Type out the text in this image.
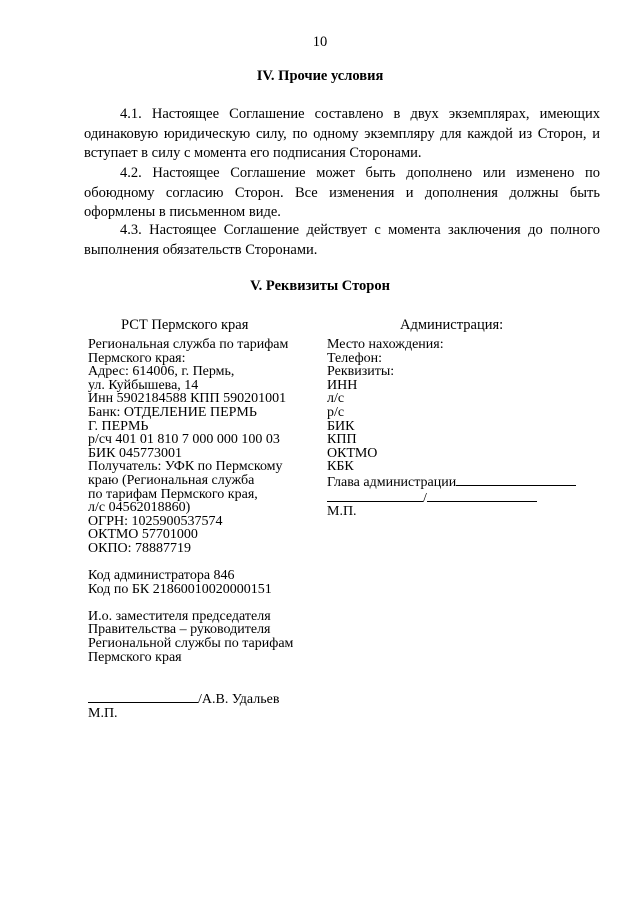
10
IV. Прочие условия

4.1. Настоящее Соглашение составлено в двух экземплярах, имеющих одинаковую юридическую силу, по одному экземпляру для каждой из Сторон, и вступает в силу с момента его подписания Сторонами.

4.2. Настоящее Соглашение может быть дополнено или изменено по обоюдному согласию Сторон. Все изменения и дополнения должны быть оформлены в письменном виде.

4.3. Настоящее Соглашение действует с момента заключения до полного выполнения обязательств Сторонами.

V. Реквизиты Сторон
РСТ Пермского края	Администрация:
Региональная служба по тарифам
Пермского края:
Адрес: 614006, г. Пермь,
ул. Куйбышева, 14
Инн 5902184588 КПП 590201001
Банк: ОТДЕЛЕНИЕ ПЕРМЬ
Г. ПЕРМЬ
р/сч 401 01 810 7 000 000 100 03
БИК 045773001
Получатель: УФК по Пермскому
краю (Региональная служба
по тарифам Пермского края,
л/с 04562018860)
ОГРН: 1025900537574
ОКТМО 57701000
ОКПО: 78887719
Код администратора 846
Код по БК 21860010020000151
И.о. заместителя председателя
Правительства – руководителя
Региональной службы по тарифам
Пермского края
/А.В. Удальев
М.П.
Место нахождения:
Телефон:
Реквизиты:
ИНН
л/с
р/с
БИК
КПП
ОКТМО
КБК
Глава администрации
/
М.П.
